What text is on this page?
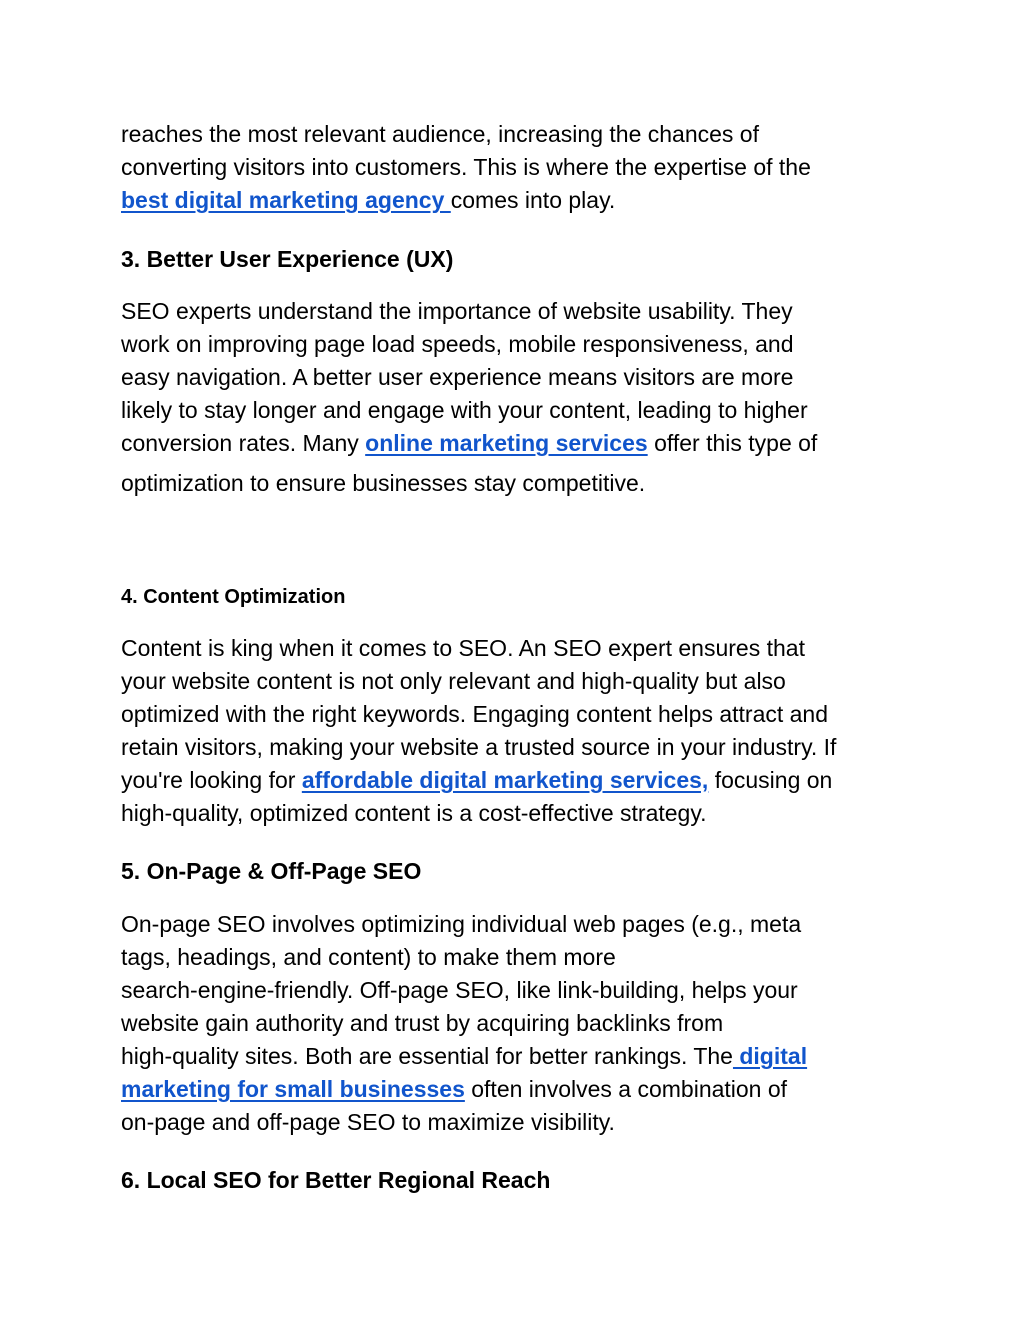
reaches the most relevant audience, increasing the chances of
converting visitors into customers. This is where the expertise of the
best digital marketing agency comes into play.

3. Better User Experience (UX)

SEO experts understand the importance of website usability. They
work on improving page load speeds, mobile responsiveness, and
easy navigation. A better user experience means visitors are more
likely to stay longer and engage with your content, leading to higher
conversion rates. Many online marketing services offer this type of
optimization to ensure businesses stay competitive.

4. Content Optimization

Content is king when it comes to SEO. An SEO expert ensures that
your website content is not only relevant and high-quality but also
optimized with the right keywords. Engaging content helps attract and
retain visitors, making your website a trusted source in your industry. If
you're looking for affordable digital marketing services, focusing on
high-quality, optimized content is a cost-effective strategy.

5. On-Page & Off-Page SEO

On-page SEO involves optimizing individual web pages (e.g., meta
tags, headings, and content) to make them more
search-engine-friendly. Off-page SEO, like link-building, helps your
website gain authority and trust by acquiring backlinks from
high-quality sites. Both are essential for better rankings. The digital
marketing for small businesses often involves a combination of
on-page and off-page SEO to maximize visibility.

6. Local SEO for Better Regional Reach
